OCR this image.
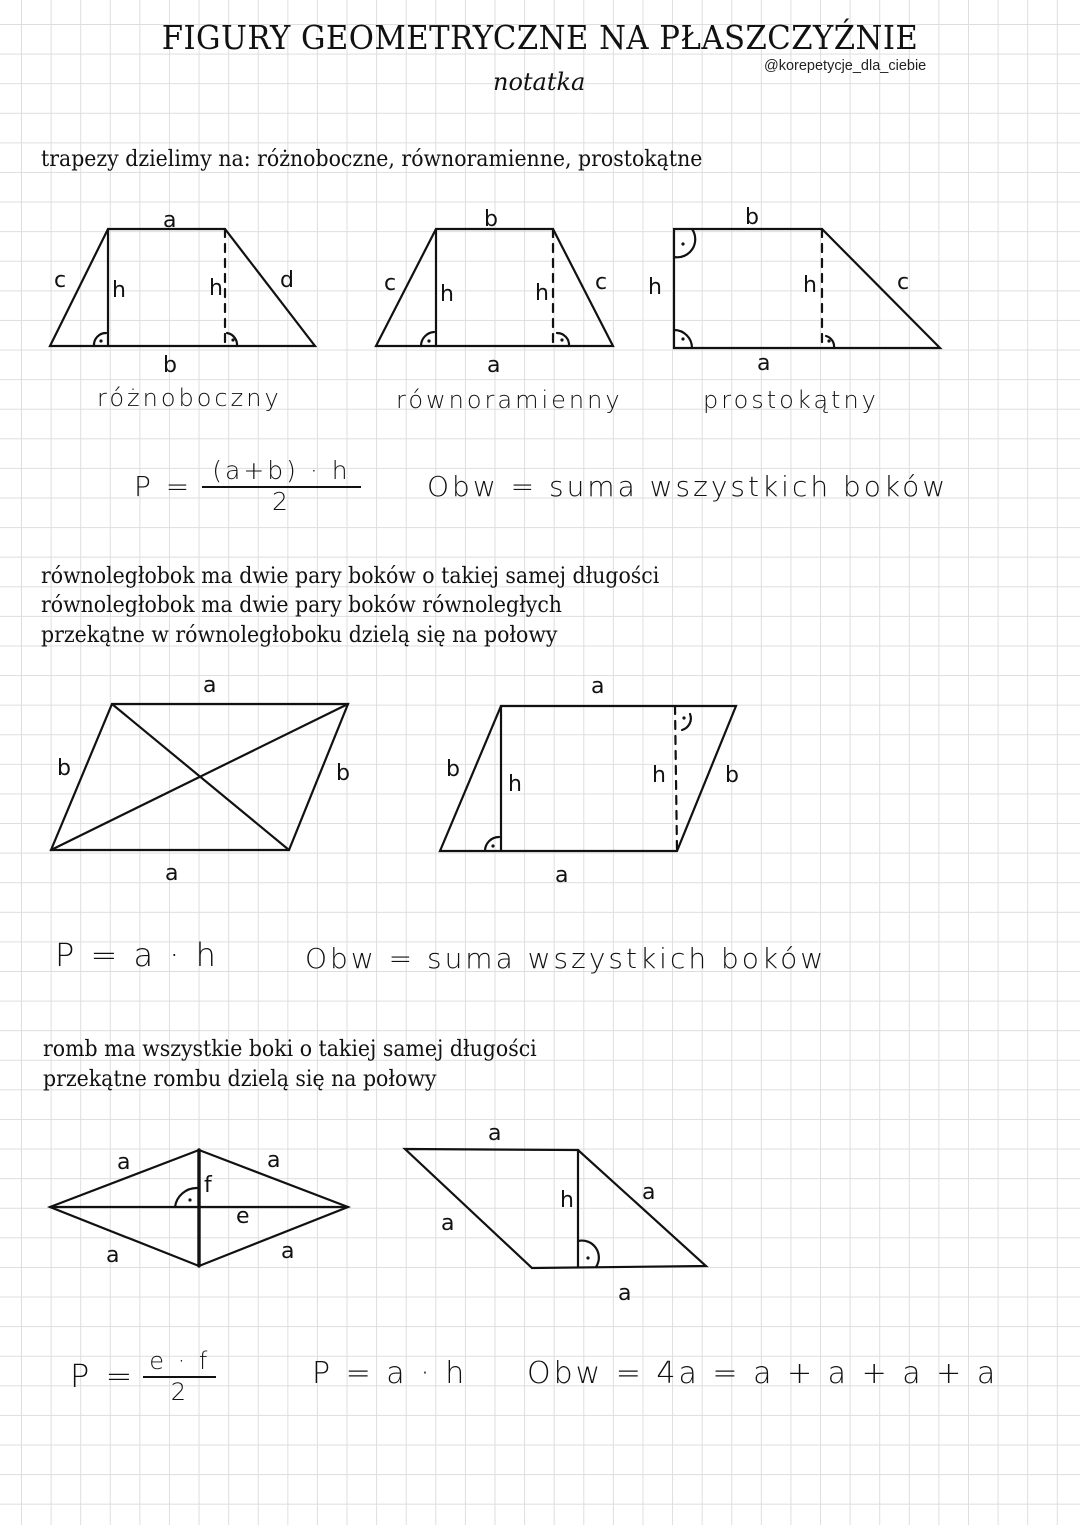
FIGURY GEOMETRYCZNE NA PŁASZCZYŹNIE
@korepetycje_dla_ciebie
notatka
trapezy dzielimy na: różnoboczne, równoramienne, prostokątne
a
b
c	d
h	h
b
a
c	c
h	h
b
a
h	c
h
a
a
b	b
a
a
b	b
h	h
a	a
a	a
f
e
a
a
a
a
h
różnoboczny	równoramienny	prostokątny
$P = \frac{(a+b) \cdot h}{2}$ Obw = suma wszystkich boków
równoległobok ma dwie pary boków o takiej samej długości
równoległobok ma dwie pary boków równoległych
przekątne w równoległoboku dzielą się na połowy
P = a · h	Obw = suma wszystkich boków
romb ma wszystkie boki o takiej samej długości
przekątne rombu dzielą się na połowy
$P = \frac{e \cdot f}{2}$	P = a · h Obw = 4a = a + a + a + a
